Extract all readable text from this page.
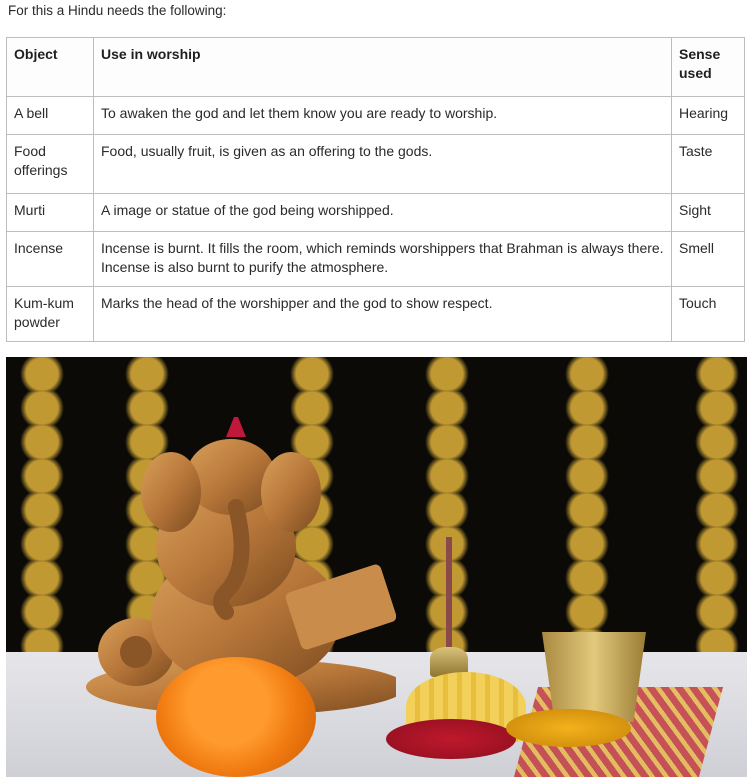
For this a Hindu needs the following:
Object	Use in worship	Sense used
A bell	To awaken the god and let them know you are ready to worship.	Hearing
Food offerings	Food, usually fruit, is given as an offering to the gods.	Taste
Murti	A image or statue of the god being worshipped.	Sight
Incense	Incense is burnt. It fills the room, which reminds worshippers that Brahman is always there. Incense is also burnt to purify the atmosphere.	Smell
Kum-kum powder	Marks the head of the worshipper and the god to show respect.	Touch
